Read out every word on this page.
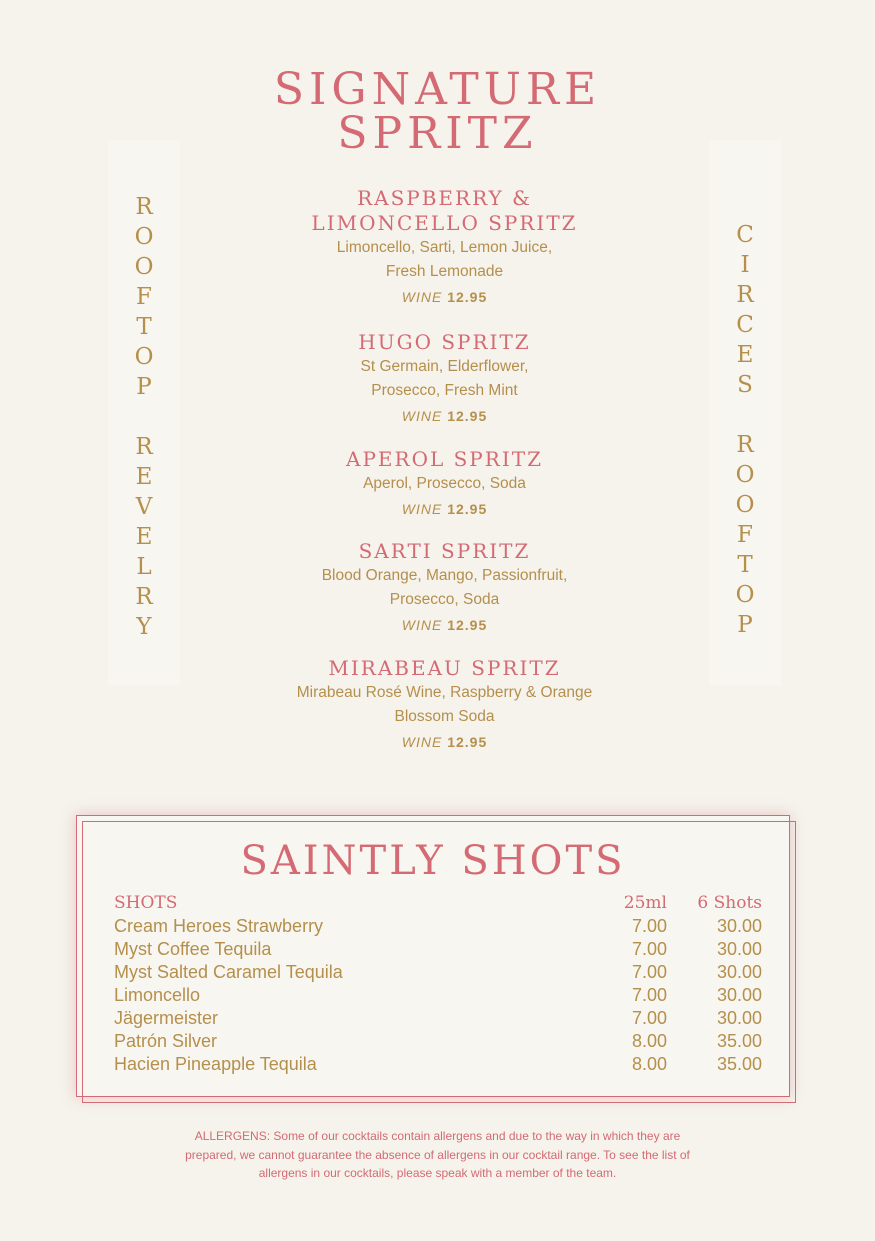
R
O
O
F
T
O
P
R
E
V
E
L
R
Y
C
I
R
C
E
S
R
O
O
F
T
O
P
SIGNATURE
SPRITZ
RASPBERRY &
LIMONCELLO SPRITZ
Limoncello, Sarti, Lemon Juice,
Fresh Lemonade
WINE 12.95
HUGO SPRITZ
St Germain, Elderflower,
Prosecco, Fresh Mint
WINE 12.95
APEROL SPRITZ
Aperol, Prosecco, Soda
WINE 12.95
SARTI SPRITZ
Blood Orange, Mango, Passionfruit,
Prosecco, Soda
WINE 12.95
MIRABEAU SPRITZ
Mirabeau Rosé Wine, Raspberry & Orange
Blossom Soda
WINE 12.95
SAINTLY SHOTS
SHOTS	25ml	6 Shots
Cream Heroes Strawberry	7.00	30.00
Myst Coffee Tequila	7.00	30.00
Myst Salted Caramel Tequila	7.00	30.00
Limoncello	7.00	30.00
Jägermeister	7.00	30.00
Patrón Silver	8.00	35.00
Hacien Pineapple Tequila	8.00	35.00
ALLERGENS: Some of our cocktails contain allergens and due to the way in which they are
prepared, we cannot guarantee the absence of allergens in our cocktail range. To see the list of
allergens in our cocktails, please speak with a member of the team.
